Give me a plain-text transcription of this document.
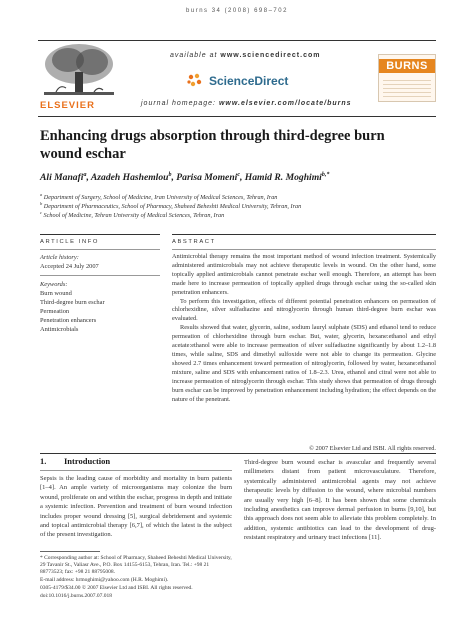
burns 34 (2008) 698–702
ELSEVIER
available at www.sciencedirect.com
ScienceDirect
journal homepage: www.elsevier.com/locate/burns
BURNS
Enhancing drugs absorption through third-degree burn
wound eschar
Ali Manafi$^a$, Azadeh Hashemlou$^b$, Parisa Momeni$^c$, Hamid R. Moghimi$^{b,*}$
$^a$ Department of Surgery, School of Medicine, Iran University of Medical Sciences, Tehran, Iran
$^b$ Department of Pharmaceutics, School of Pharmacy, Shaheed Beheshti Medical University, Tehran, Iran
$^c$ School of Medicine, Tehran University of Medical Sciences, Tehran, Iran
ARTICLE INFO
Article history:
Accepted 24 July 2007
Keywords:
Burn wound
Third-degree burn eschar
Permeation
Penetration enhancers
Antimicrobials
ABSTRACT

Antimicrobial therapy remains the most important method of wound infection treatment. Systemically administered antimicrobials may not achieve therapeutic levels in wound. On the other hand, some topically applied antimicrobials cannot penetrate eschar well enough. Therefore, an attempt has been made here to increase permeation of topically applied drugs through eschar using the so-called skin penetration enhancers.

To perform this investigation, effects of different potential penetration enhancers on permeation of chlorhexidine, silver sulfadiazine and nitroglycerin through human third-degree burn eschar was evaluated.

Results showed that water, glycerin, saline, sodium lauryl sulphate (SDS) and ethanol tend to reduce permeation of chlorhexidine through burn eschar. But, water, glycerin, hexane:ethanol and ethyl acetate:ethanol were able to increase permeation of silver sulfadiazine significantly by about 1.2–1.8 times, while saline, SDS and dimethyl sulfoxide were not able to change its permeation. Glycine showed 2.7 times enhancement toward permeation of nitroglycerin, followed by water, hexane:ethanol mixture, saline and SDS with enhancement ratios of 1.8–2.3. Urea, ethanol and citral were not able to increase permeation of nitroglycerin through eschar. This study shows that permeation of drugs through burn eschar can be improved by penetration enhancement including hydration; the effect depends on the nature of the penetrant.

© 2007 Elsevier Ltd and ISBI. All rights reserved.
1. Introduction

Sepsis is the leading cause of morbidity and mortality in burn patients [1–4]. An ample variety of microorganisms may colonize the burn wound, proliferate on and within the eschar, progress in depth and initiate a systemic infection. Prevention and treatment of burn wound infection includes proper wound dressing [5], surgical debridement and systemic and topical antimicrobial therapy [6,7], of which the latest is the subject of the present investigation.

Third-degree burn wound eschar is avascular and frequently several millimeters distant from patient microvasculature. Therefore, systemically administered antimicrobial agents may not achieve therapeutic levels by diffusion to the wound, where microbial numbers are usually very high [6–8]. It has been shown that some chemicals including anesthetics can improve dermal perfusion in burns [9,10], but this approach does not seem able to alleviate this problem completely. In addition, systemic antibiotics can lead to the development of drug-resistant respiratory and urinary tract infections [11].

* Corresponding author at: School of Pharmacy, Shaheed Beheshti Medical University, 29 Tavanir St., Valiasr Ave., P.O. Box 14155-6153, Tehran, Iran. Tel.: +98 21 88773523; fax: +98 21 88795008.
E-mail address: hrmoghimi@yahoo.com (H.R. Moghimi).
0305-4179/$34.00 © 2007 Elsevier Ltd and ISBI. All rights reserved.
doi:10.1016/j.burns.2007.07.018
